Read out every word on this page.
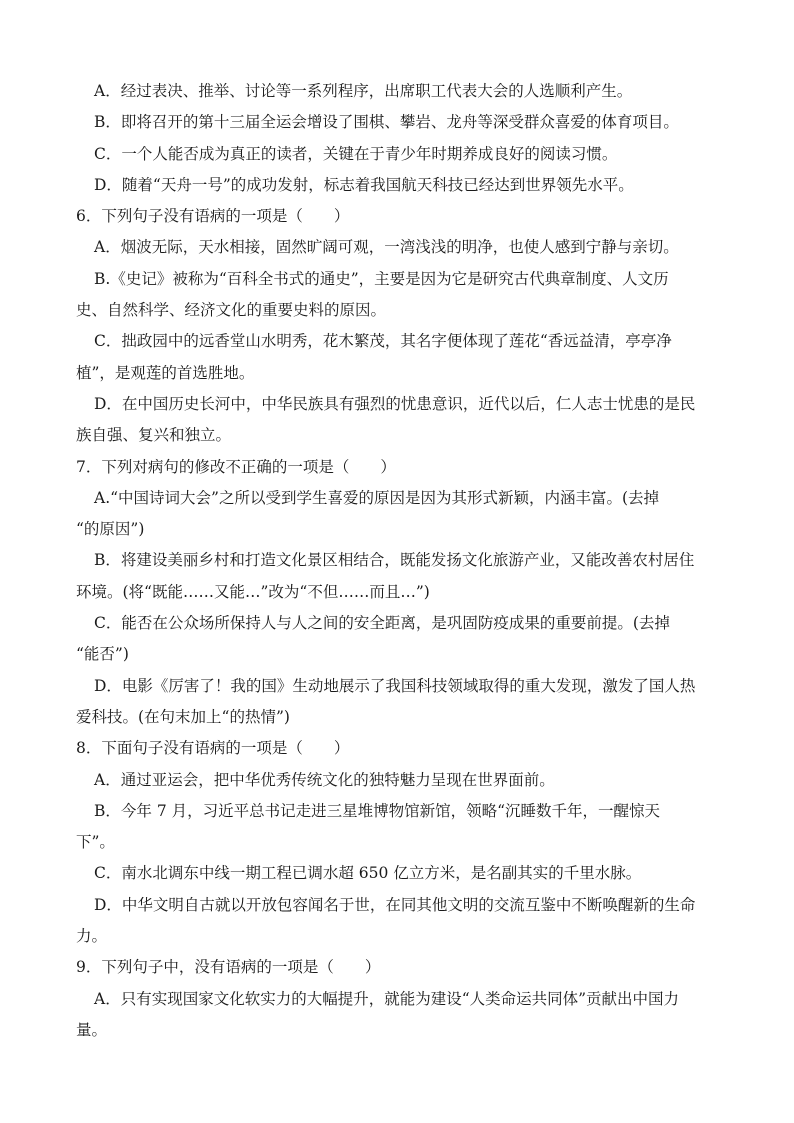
A．经过表决、推举、讨论等一系列程序，出席职工代表大会的人选顺利产生。
B．即将召开的第十三届全运会增设了围棋、攀岩、龙舟等深受群众喜爱的体育项目。
C．一个人能否成为真正的读者，关键在于青少年时期养成良好的阅读习惯。
D．随着“天舟一号”的成功发射，标志着我国航天科技已经达到世界领先水平。
6．下列句子没有语病的一项是（　　）
A．烟波无际，天水相接，固然旷阔可观，一湾浅浅的明净，也使人感到宁静与亲切。
B.《史记》被称为“百科全书式的通史”，主要是因为它是研究古代典章制度、人文历
史、自然科学、经济文化的重要史料的原因。
C．拙政园中的远香堂山水明秀，花木繁茂，其名字便体现了莲花“香远益清，亭亭净
植”，是观莲的首选胜地。
D．在中国历史长河中，中华民族具有强烈的忧患意识，近代以后，仁人志士忧患的是民
族自强、复兴和独立。
7．下列对病句的修改不正确的一项是（　　）
A.“中国诗词大会”之所以受到学生喜爱的原因是因为其形式新颖，内涵丰富。(去掉
“的原因”)
B．将建设美丽乡村和打造文化景区相结合，既能发扬文化旅游产业，又能改善农村居住
环境。(将“既能……又能…”改为“不但……而且…”)
C．能否在公众场所保持人与人之间的安全距离，是巩固防疫成果的重要前提。(去掉
“能否”)
D．电影《厉害了！我的国》生动地展示了我国科技领域取得的重大发现，激发了国人热
爱科技。(在句末加上“的热情”)
8．下面句子没有语病的一项是（　　）
A．通过亚运会，把中华优秀传统文化的独特魅力呈现在世界面前。
B．今年 7 月，习近平总书记走进三星堆博物馆新馆，领略“沉睡数千年，一醒惊天
下”。
C．南水北调东中线一期工程已调水超 650 亿立方米，是名副其实的千里水脉。
D．中华文明自古就以开放包容闻名于世，在同其他文明的交流互鉴中不断唤醒新的生命
力。
9．下列句子中，没有语病的一项是（　　）
A．只有实现国家文化软实力的大幅提升，就能为建设“人类命运共同体”贡献出中国力
量。
